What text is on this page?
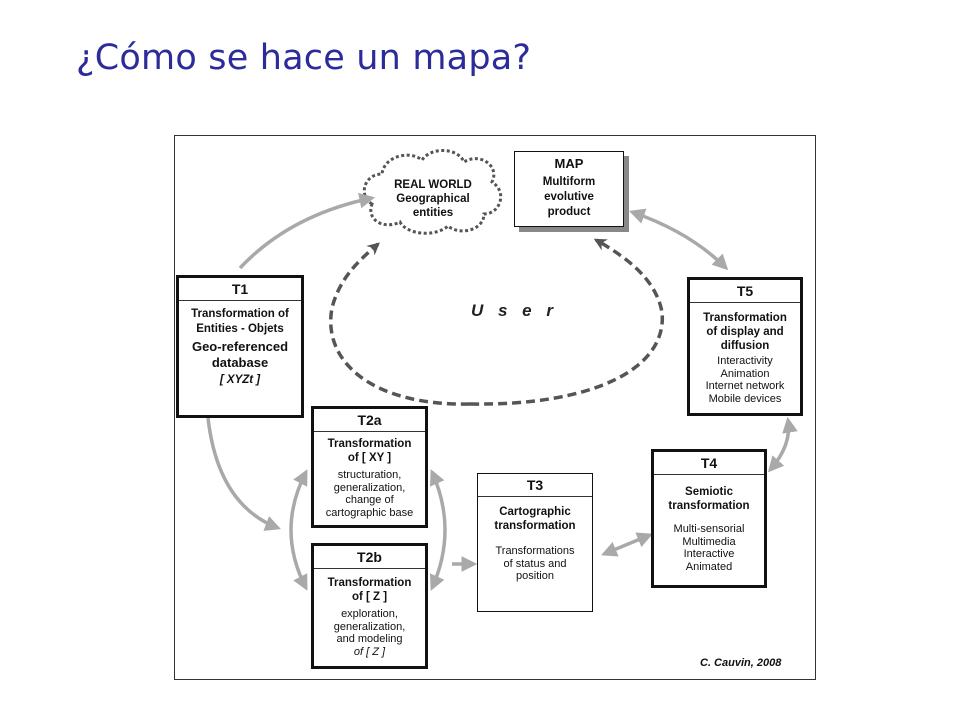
¿Cómo se hace un mapa?
REAL WORLD
Geographical
entities
MAP
Multiform
evolutive
product
U s e r
T1
Transformation of
Entities - Objets
Geo-referenced
database
[ XYZt ]
T2a
Transformation
of [ XY ]
structuration,
generalization,
change of
cartographic base
T2b
Transformation
of [ Z ]
exploration,
generalization,
and modeling
of [ Z ]
T3
Cartographic
transformation
Transformations
of status and
position
T4
Semiotic
transformation
Multi-sensorial
Multimedia
Interactive
Animated
T5
Transformation
of display and
diffusion
Interactivity
Animation
Internet network
Mobile devices
C. Cauvin, 2008
